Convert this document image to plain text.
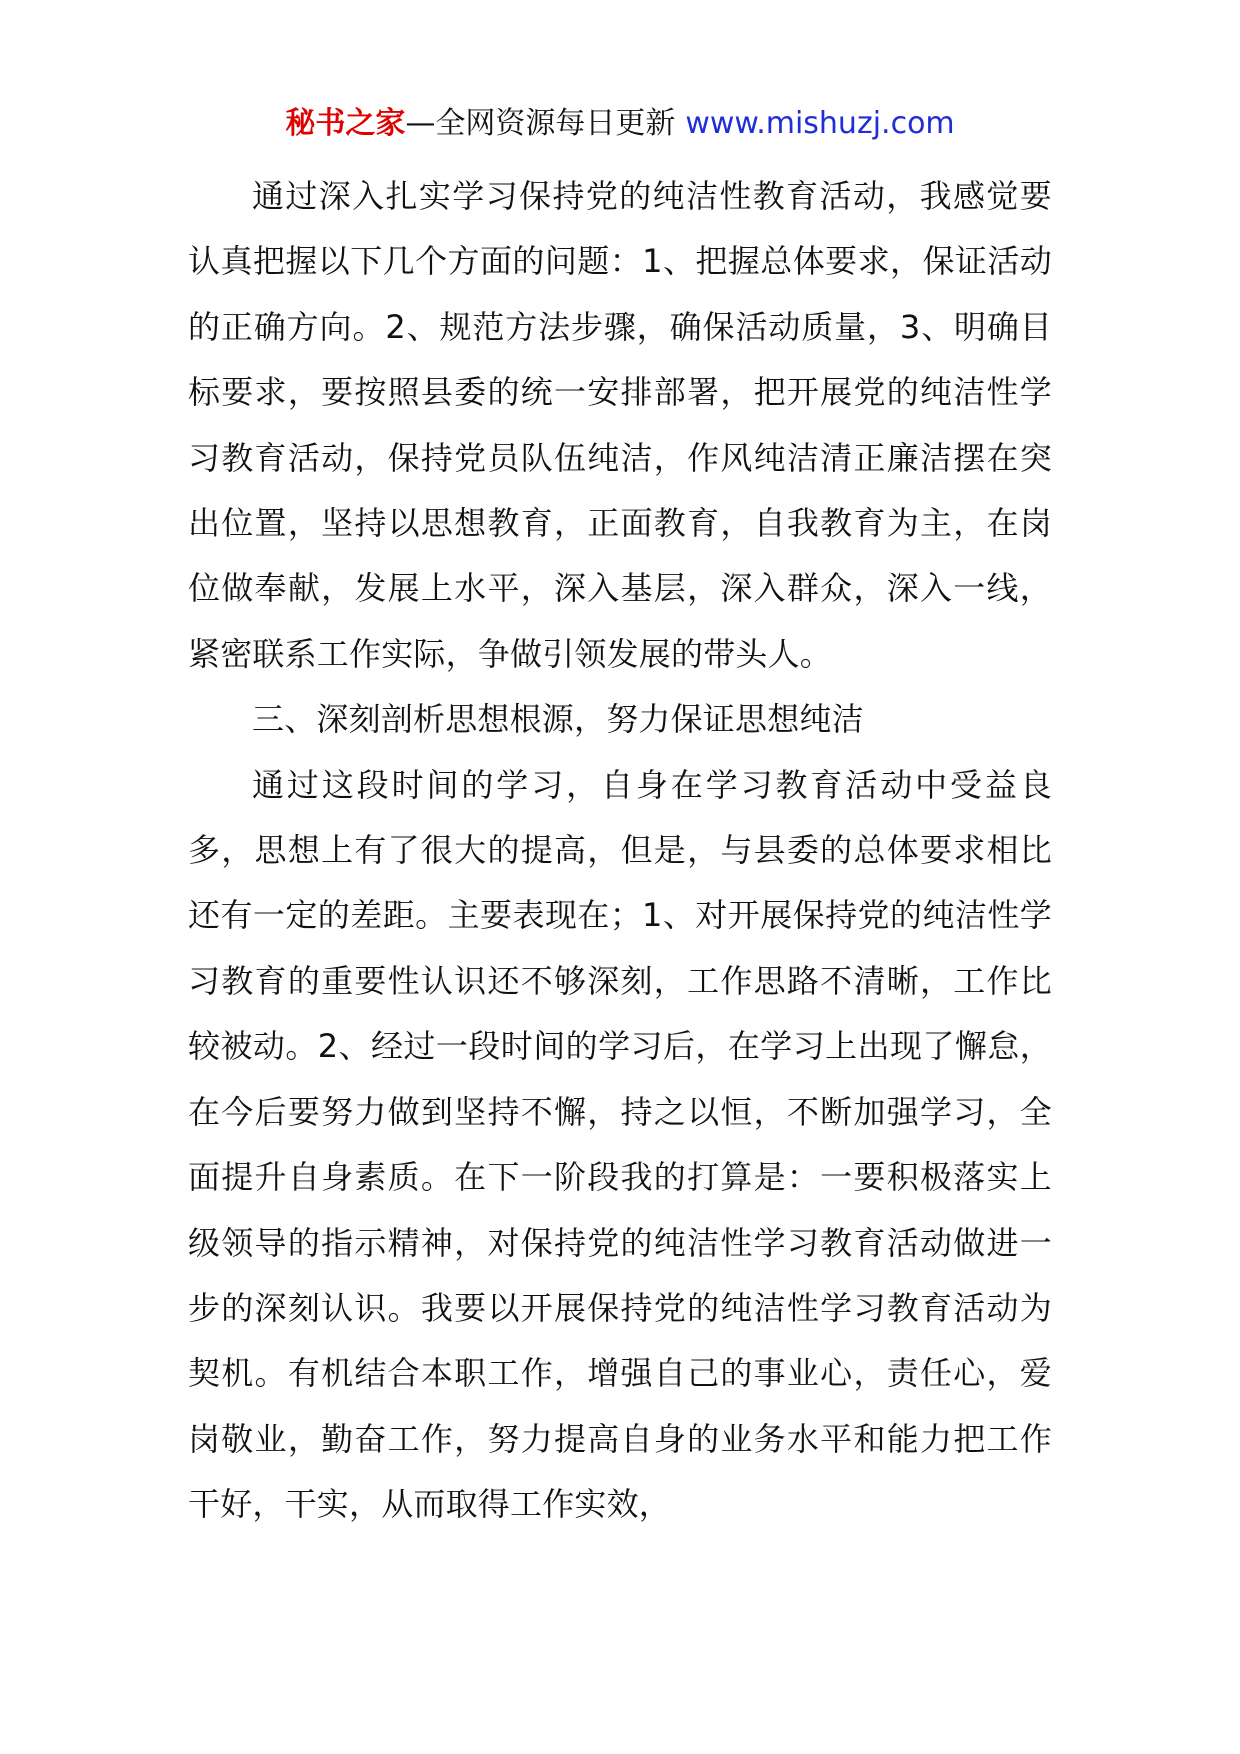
秘书之家—全网资源每日更新 www.mishuzj.com

通过深入扎实学习保持党的纯洁性教育活动，我感觉要认真把握以下几个方面的问题：1、把握总体要求，保证活动的正确方向。2、规范方法步骤，确保活动质量，3、明确目标要求，要按照县委的统一安排部署，把开展党的纯洁性学习教育活动，保持党员队伍纯洁，作风纯洁清正廉洁摆在突出位置，坚持以思想教育，正面教育，自我教育为主，在岗位做奉献，发展上水平，深入基层，深入群众，深入一线，紧密联系工作实际，争做引领发展的带头人。

三、深刻剖析思想根源，努力保证思想纯洁

通过这段时间的学习，自身在学习教育活动中受益良多，思想上有了很大的提高，但是，与县委的总体要求相比还有一定的差距。主要表现在；1、对开展保持党的纯洁性学习教育的重要性认识还不够深刻，工作思路不清晰，工作比较被动。2、经过一段时间的学习后，在学习上出现了懈怠，在今后要努力做到坚持不懈，持之以恒，不断加强学习，全面提升自身素质。在下一阶段我的打算是：一要积极落实上级领导的指示精神，对保持党的纯洁性学习教育活动做进一步的深刻认识。我要以开展保持党的纯洁性学习教育活动为契机。有机结合本职工作，增强自己的事业心，责任心，爱岗敬业，勤奋工作，努力提高自身的业务水平和能力把工作干好，干实，从而取得工作实效，
